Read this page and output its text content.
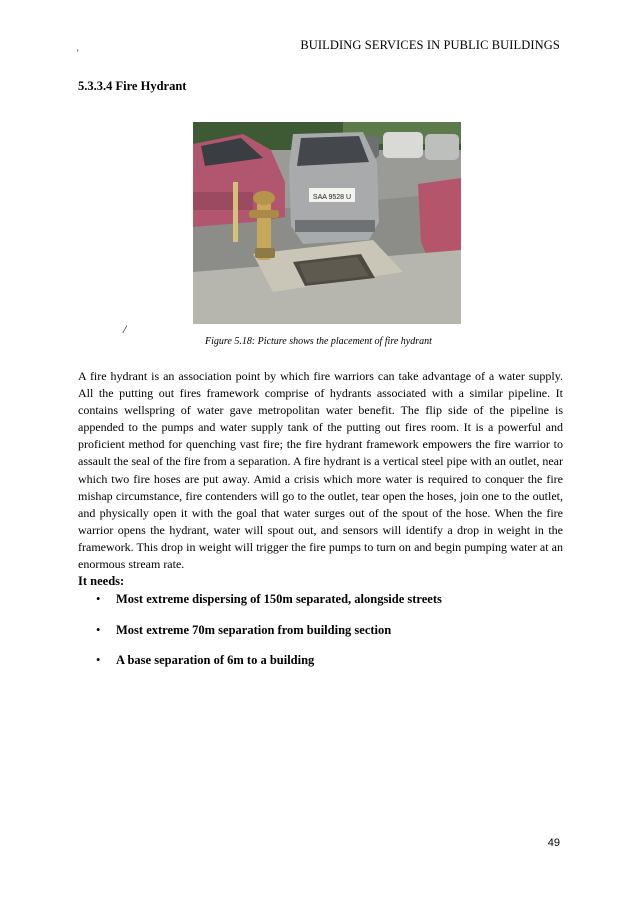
BUILDING SERVICES IN PUBLIC BUILDINGS
'
5.3.3.4 Fire Hydrant
SAA 9528 U
/
Figure 5.18: Picture shows the placement of fire hydrant

A fire hydrant is an association point by which fire warriors can take advantage of a water supply. All the putting out fires framework comprise of hydrants associated with a similar pipeline. It contains wellspring of water gave metropolitan water benefit. The flip side of the pipeline is appended to the pumps and water supply tank of the putting out fires room. It is a powerful and proficient method for quenching vast fire; the fire hydrant framework empowers the fire warrior to assault the seal of the fire from a separation. A fire hydrant is a vertical steel pipe with an outlet, near which two fire hoses are put away. Amid a crisis which more water is required to conquer the fire mishap circumstance, fire contenders will go to the outlet, tear open the hoses, join one to the outlet, and physically open it with the goal that water surges out of the spout of the hose. When the fire warrior opens the hydrant, water will spout out, and sensors will identify a drop in weight in the framework. This drop in weight will trigger the fire pumps to turn on and begin pumping water at an enormous stream rate.

It needs:
• Most extreme dispersing of 150m separated, alongside streets
• Most extreme 70m separation from building section
• A base separation of 6m to a building
49
